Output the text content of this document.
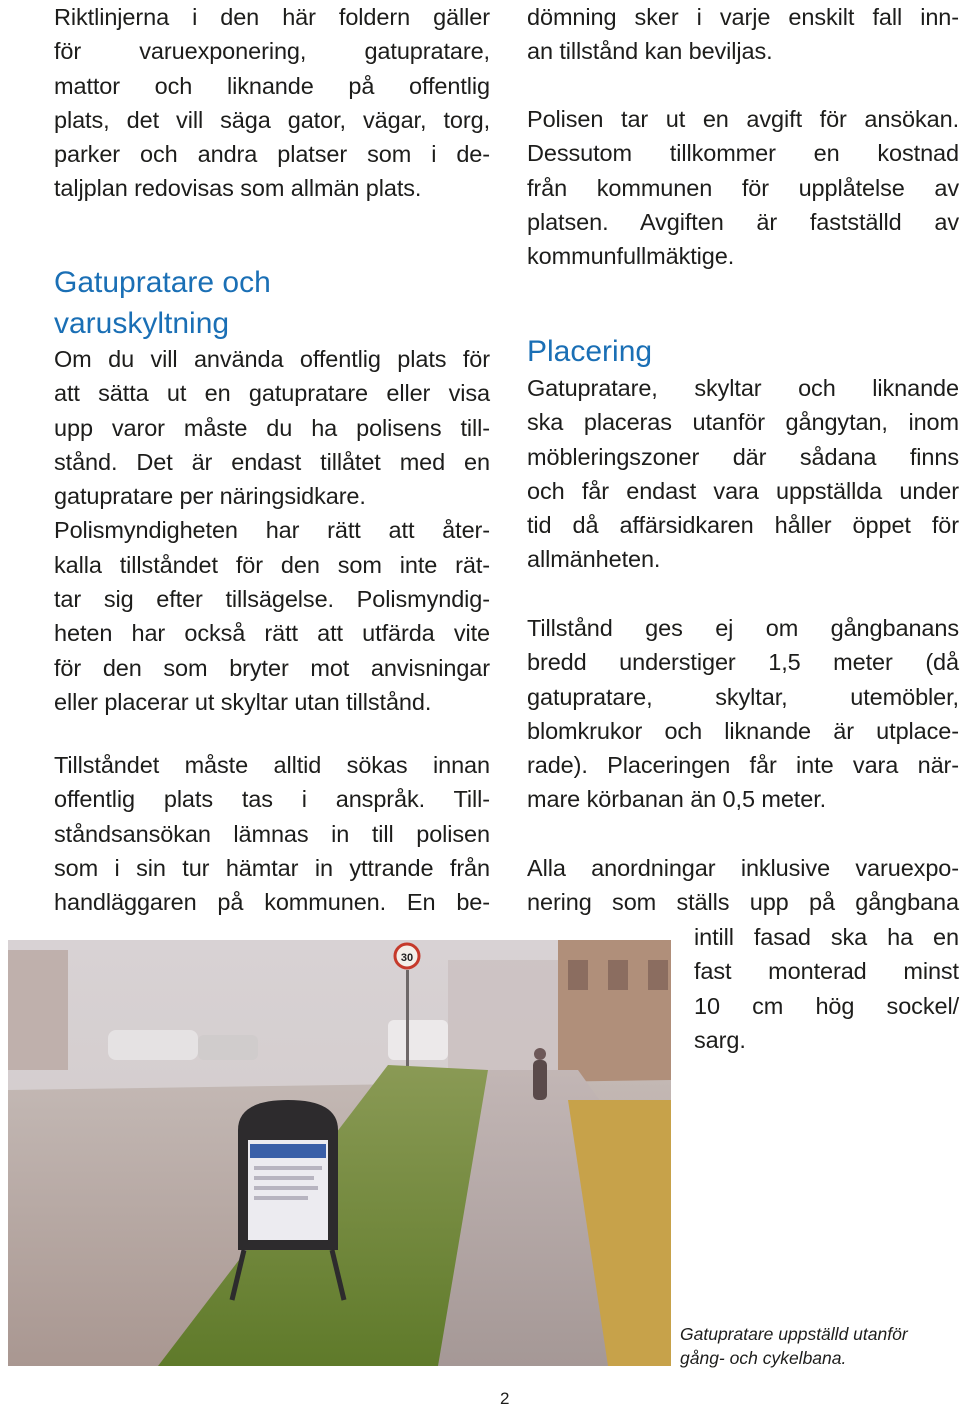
Riktlinjerna i den här foldern gäller

för varuexponering, gatupratare,

mattor och liknande på offentlig

plats, det vill säga gator, vägar, torg,

parker och andra platser som i de-

taljplan redovisas som allmän plats.

Gatupratare och
varuskyltning

Om du vill använda offentlig plats för

att sätta ut en gatupratare eller visa

upp varor måste du ha polisens till-

stånd. Det är endast tillåtet med en

gatupratare per näringsidkare.

Polismyndigheten har rätt att åter-

kalla tillståndet för den som inte rät-

tar sig efter tillsägelse. Polismyndig-

heten har också rätt att utfärda vite

för den som bryter mot anvisningar

eller placerar ut skyltar utan tillstånd.

Tillståndet måste alltid sökas innan

offentlig plats tas i anspråk. Till-

ståndsansökan lämnas in till polisen

som i sin tur hämtar in yttrande från

handläggaren på kommunen. En be-

dömning sker i varje enskilt fall inn-

an tillstånd kan beviljas.

Polisen tar ut en avgift för ansökan.

Dessutom tillkommer en kostnad

från kommunen för upplåtelse av

platsen. Avgiften är fastställd av

kommunfullmäktige.

Placering

Gatupratare, skyltar och liknande

ska placeras utanför gångytan, inom

möbleringszoner där sådana finns

och får endast vara uppställda under

tid då affärsidkaren håller öppet för

allmänheten.

Tillstånd ges ej om gångbanans

bredd understiger 1,5 meter (då

gatupratare, skyltar, utemöbler,

blomkrukor och liknande är utplace-

rade). Placeringen får inte vara när-

mare körbanan än 0,5 meter.

Alla anordningar inklusive varuexpo-

nering som ställs upp på gångbana

intill fasad ska ha en

fast monterad minst

10 cm hög sockel/

sarg.

30
Gatupratare uppställd utanför
gång- och cykelbana.
2
